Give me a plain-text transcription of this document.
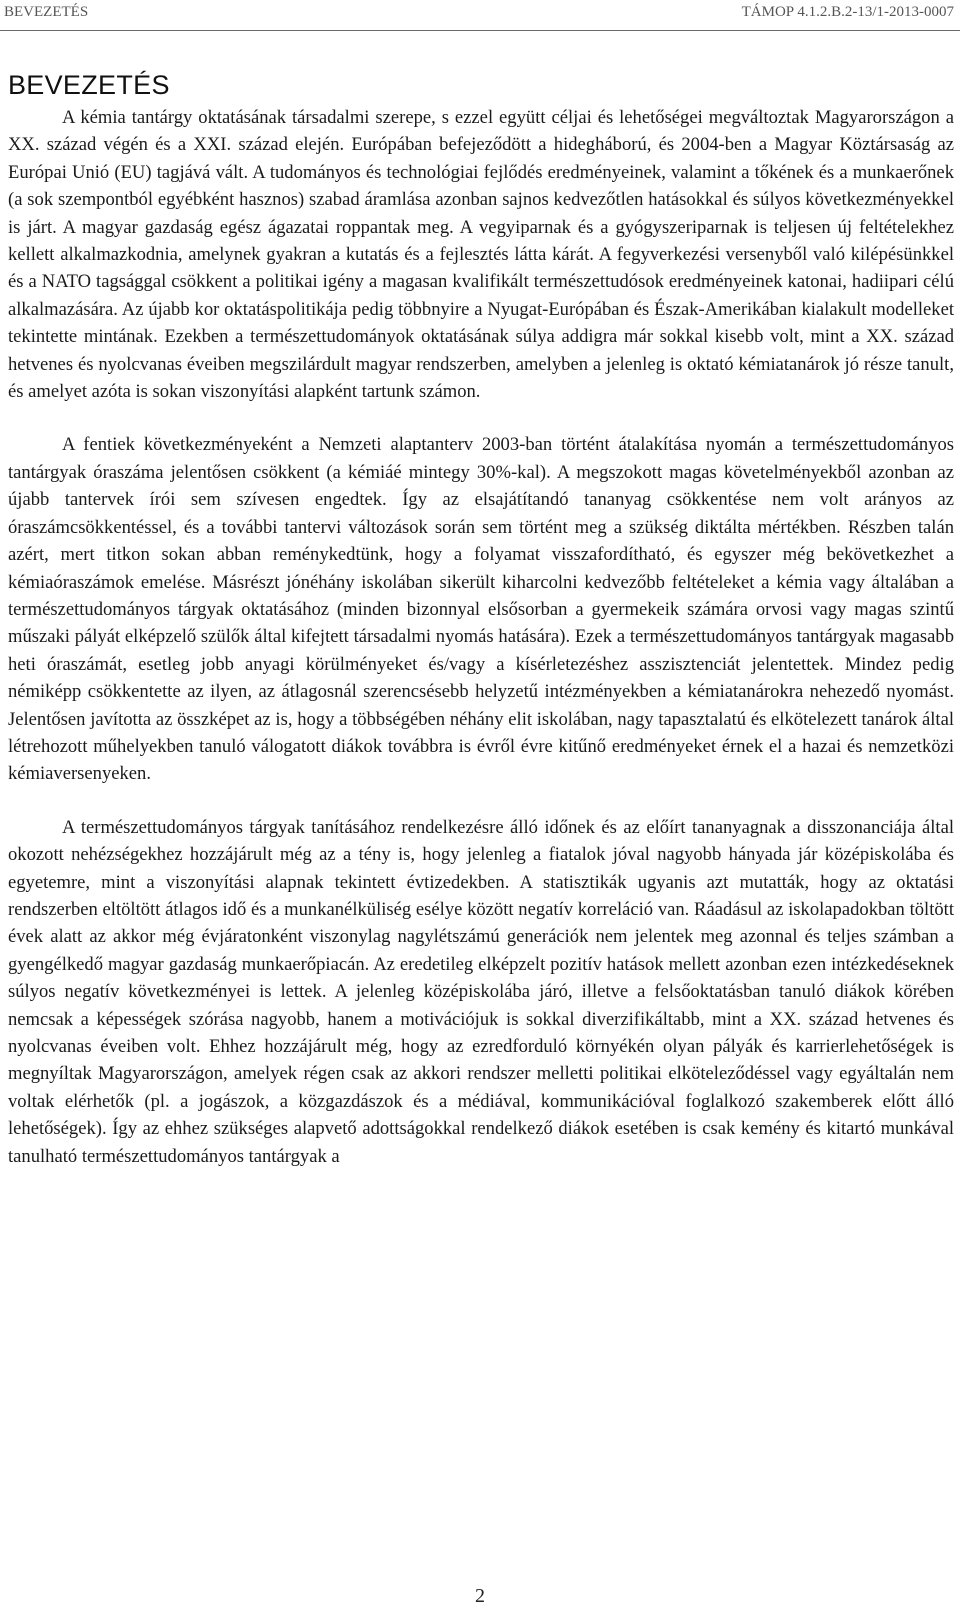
BEVEZETÉS	TÁMOP 4.1.2.B.2-13/1-2013-0007
BEVEZETÉS

A kémia tantárgy oktatásának társadalmi szerepe, s ezzel együtt céljai és lehetőségei megváltoztak Magyarországon a XX. század végén és a XXI. század elején. Európában befejeződött a hidegháború, és 2004-ben a Magyar Köztársaság az Európai Unió (EU) tagjává vált. A tudományos és technológiai fejlődés eredményeinek, valamint a tőkének és a munkaerőnek (a sok szempontból egyébként hasznos) szabad áramlása azonban sajnos kedvezőtlen hatásokkal és súlyos következményekkel is járt. A magyar gazdaság egész ágazatai roppantak meg. A vegyiparnak és a gyógyszeriparnak is teljesen új feltételekhez kellett alkalmazkodnia, amelynek gyakran a kutatás és a fejlesztés látta kárát. A fegyverkezési versenyből való kilépésünkkel és a NATO tagsággal csökkent a politikai igény a magasan kvalifikált természettudósok eredményeinek katonai, hadiipari célú alkalmazására. Az újabb kor oktatáspolitikája pedig többnyire a Nyugat-Európában és Észak-Amerikában kialakult modelleket tekintette mintának. Ezekben a természettudományok oktatásának súlya addigra már sokkal kisebb volt, mint a XX. század hetvenes és nyolcvanas éveiben megszilárdult magyar rendszerben, amelyben a jelenleg is oktató kémiatanárok jó része tanult, és amelyet azóta is sokan viszonyítási alapként tartunk számon.

A fentiek következményeként a Nemzeti alaptanterv 2003-ban történt átalakítása nyomán a természettudományos tantárgyak óraszáma jelentősen csökkent (a kémiáé mintegy 30%-kal). A megszokott magas követelményekből azonban az újabb tantervek írói sem szívesen engedtek. Így az elsajátítandó tananyag csökkentése nem volt arányos az óraszámcsökkentéssel, és a további tantervi változások során sem történt meg a szükség diktálta mértékben. Részben talán azért, mert titkon sokan abban reménykedtünk, hogy a folyamat visszafordítható, és egyszer még bekövetkezhet a kémiaóraszámok emelése. Másrészt jónéhány iskolában sikerült kiharcolni kedvezőbb feltételeket a kémia vagy általában a természettudományos tárgyak oktatásához (minden bizonnyal elsősorban a gyermekeik számára orvosi vagy magas szintű műszaki pályát elképzelő szülők által kifejtett társadalmi nyomás hatására). Ezek a természettudományos tantárgyak magasabb heti óraszámát, esetleg jobb anyagi körülményeket és/vagy a kísérletezéshez asszisztenciát jelentettek. Mindez pedig némiképp csökkentette az ilyen, az átlagosnál szerencsésebb helyzetű intézményekben a kémiatanárokra nehezedő nyomást. Jelentősen javította az összképet az is, hogy a többségében néhány elit iskolában, nagy tapasztalatú és elkötelezett tanárok által létrehozott műhelyekben tanuló válogatott diákok továbbra is évről évre kitűnő eredményeket érnek el a hazai és nemzetközi kémiaversenyeken.

A természettudományos tárgyak tanításához rendelkezésre álló időnek és az előírt tananyagnak a disszonanciája által okozott nehézségekhez hozzájárult még az a tény is, hogy jelenleg a fiatalok jóval nagyobb hányada jár középiskolába és egyetemre, mint a viszonyítási alapnak tekintett évtizedekben. A statisztikák ugyanis azt mutatták, hogy az oktatási rendszerben eltöltött átlagos idő és a munkanélküliség esélye között negatív korreláció van. Ráadásul az iskolapadokban töltött évek alatt az akkor még évjáratonként viszonylag nagylétszámú generációk nem jelentek meg azonnal és teljes számban a gyengélkedő magyar gazdaság munkaerőpiacán. Az eredetileg elképzelt pozitív hatások mellett azonban ezen intézkedéseknek súlyos negatív következményei is lettek. A jelenleg középiskolába járó, illetve a felsőoktatásban tanuló diákok körében nemcsak a képességek szórása nagyobb, hanem a motivációjuk is sokkal diverzifikáltabb, mint a XX. század hetvenes és nyolcvanas éveiben volt. Ehhez hozzájárult még, hogy az ezredforduló környékén olyan pályák és karrierlehetőségek is megnyíltak Magyarországon, amelyek régen csak az akkori rendszer melletti politikai elköteleződéssel vagy egyáltalán nem voltak elérhetők (pl. a jogászok, a közgazdászok és a médiával, kommunikációval foglalkozó szakemberek előtt álló lehetőségek). Így az ehhez szükséges alapvető adottságokkal rendelkező diákok esetében is csak kemény és kitartó munkával tanulható természettudományos tantárgyak a

2
